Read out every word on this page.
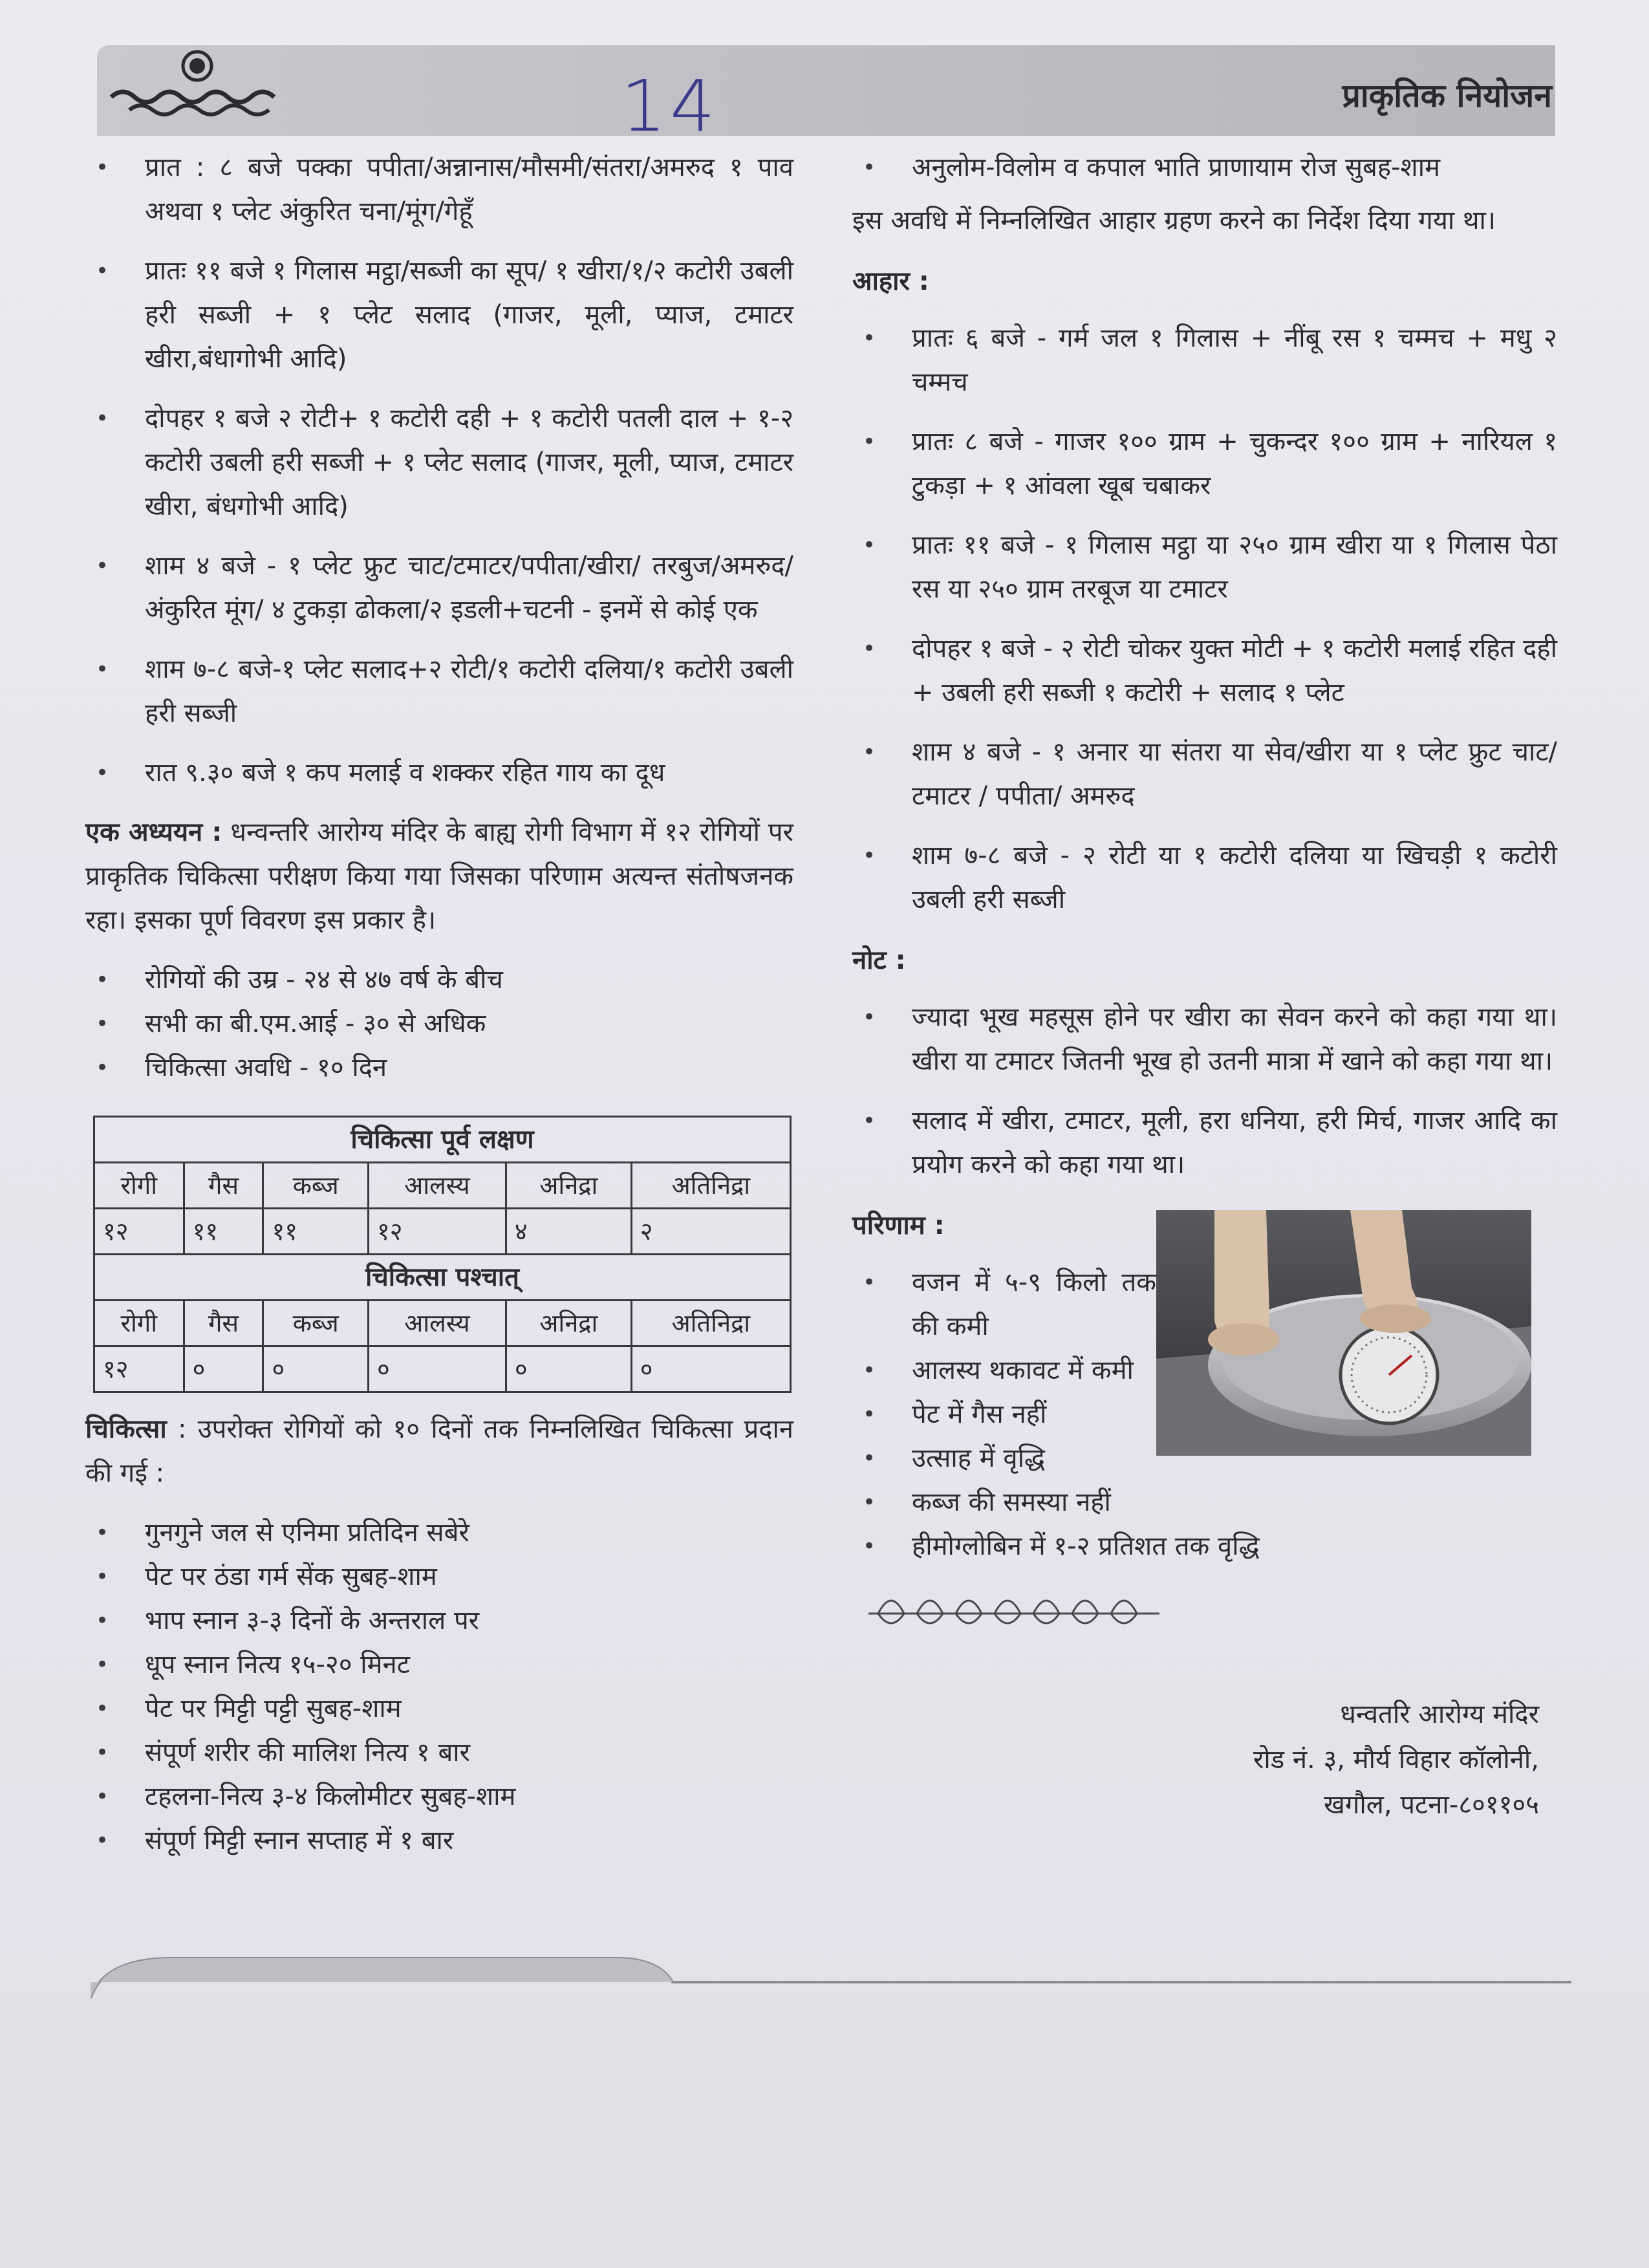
14	प्राकृतिक नियोजन
• प्रात : ८ बजे पक्का पपीता/अन्नानास/मौसमी/संतरा/अमरुद १ पाव अथवा १ प्लेट अंकुरित चना/मूंग/गेहूँ
• प्रातः ११ बजे १ गिलास मट्ठा/सब्जी का सूप/ १ खीरा/१/२ कटोरी उबली हरी सब्जी + १ प्लेट सलाद (गाजर, मूली, प्याज, टमाटर खीरा,बंधागोभी आदि)
• दोपहर १ बजे २ रोटी+ १ कटोरी दही + १ कटोरी पतली दाल + १-२ कटोरी उबली हरी सब्जी + १ प्लेट सलाद (गाजर, मूली, प्याज, टमाटर खीरा, बंधगोभी आदि)
• शाम ४ बजे - १ प्लेट फ्रुट चाट/टमाटर/पपीता/खीरा/ तरबुज/अमरुद/अंकुरित मूंग/ ४ टुकड़ा ढोकला/२ इडली+चटनी - इनमें से कोई एक
• शाम ७-८ बजे-१ प्लेट सलाद+२ रोटी/१ कटोरी दलिया/१ कटोरी उबली हरी सब्जी
• रात ९.३० बजे १ कप मलाई व शक्कर रहित गाय का दूध

एक अध्ययन : धन्वन्तरि आरोग्य मंदिर के बाह्य रोगी विभाग में १२ रोगियों पर प्राकृतिक चिकित्सा परीक्षण किया गया जिसका परिणाम अत्यन्त संतोषजनक रहा। इसका पूर्ण विवरण इस प्रकार है।

• रोगियों की उम्र - २४ से ४७ वर्ष के बीच
• सभी का बी.एम.आई - ३० से अधिक
• चिकित्सा अवधि - १० दिन
चिकित्सा पूर्व लक्षण					
रोगी	गैस	कब्ज	आलस्य	अनिद्रा	अतिनिद्रा
१२	११	११	१२	४	२
चिकित्सा पश्चात्					
रोगी	गैस	कब्ज	आलस्य	अनिद्रा	अतिनिद्रा
१२	०	०	०	०	०

चिकित्सा : उपरोक्त रोगियों को १० दिनों तक निम्नलिखित चिकित्सा प्रदान की गई :

• गुनगुने जल से एनिमा प्रतिदिन सबेरे
• पेट पर ठंडा गर्म सेंक सुबह-शाम
• भाप स्नान ३-३ दिनों के अन्तराल पर
• धूप स्नान नित्य १५-२० मिनट
• पेट पर मिट्टी पट्टी सुबह-शाम
• संपूर्ण शरीर की मालिश नित्य १ बार
• टहलना-नित्य ३-४ किलोमीटर सुबह-शाम
• संपूर्ण मिट्टी स्नान सप्ताह में १ बार
• अनुलोम-विलोम व कपाल भाति प्राणायाम रोज सुबह-शाम

इस अवधि में निम्नलिखित आहार ग्रहण करने का निर्देश दिया गया था।

आहार :
• प्रातः ६ बजे - गर्म जल १ गिलास + नींबू रस १ चम्मच + मधु २ चम्मच
• प्रातः ८ बजे - गाजर १०० ग्राम + चुकन्दर १०० ग्राम + नारियल १ टुकड़ा + १ आंवला खूब चबाकर
• प्रातः ११ बजे - १ गिलास मट्ठा या २५० ग्राम खीरा या १ गिलास पेठा रस या २५० ग्राम तरबूज या टमाटर
• दोपहर १ बजे - २ रोटी चोकर युक्त मोटी + १ कटोरी मलाई रहित दही + उबली हरी सब्जी १ कटोरी + सलाद १ प्लेट
• शाम ४ बजे - १ अनार या संतरा या सेव/खीरा या १ प्लेट फ्रुट चाट/ टमाटर / पपीता/ अमरुद
• शाम ७-८ बजे - २ रोटी या १ कटोरी दलिया या खिचड़ी १ कटोरी उबली हरी सब्जी
नोट :
• ज्यादा भूख महसूस होने पर खीरा का सेवन करने को कहा गया था। खीरा या टमाटर जितनी भूख हो उतनी मात्रा में खाने को कहा गया था।
• सलाद में खीरा, टमाटर, मूली, हरा धनिया, हरी मिर्च, गाजर आदि का प्रयोग करने को कहा गया था।
परिणाम :
• वजन में ५-९ किलो तक की कमी
• आलस्य थकावट में कमी
• पेट में गैस नहीं
• उत्साह में वृद्धि
• कब्ज की समस्या नहीं
• हीमोग्लोबिन में १-२ प्रतिशत तक वृद्धि
धन्वतरि आरोग्य मंदिर
रोड नं. ३, मौर्य विहार कॉलोनी,
खगौल, पटना-८०११०५
